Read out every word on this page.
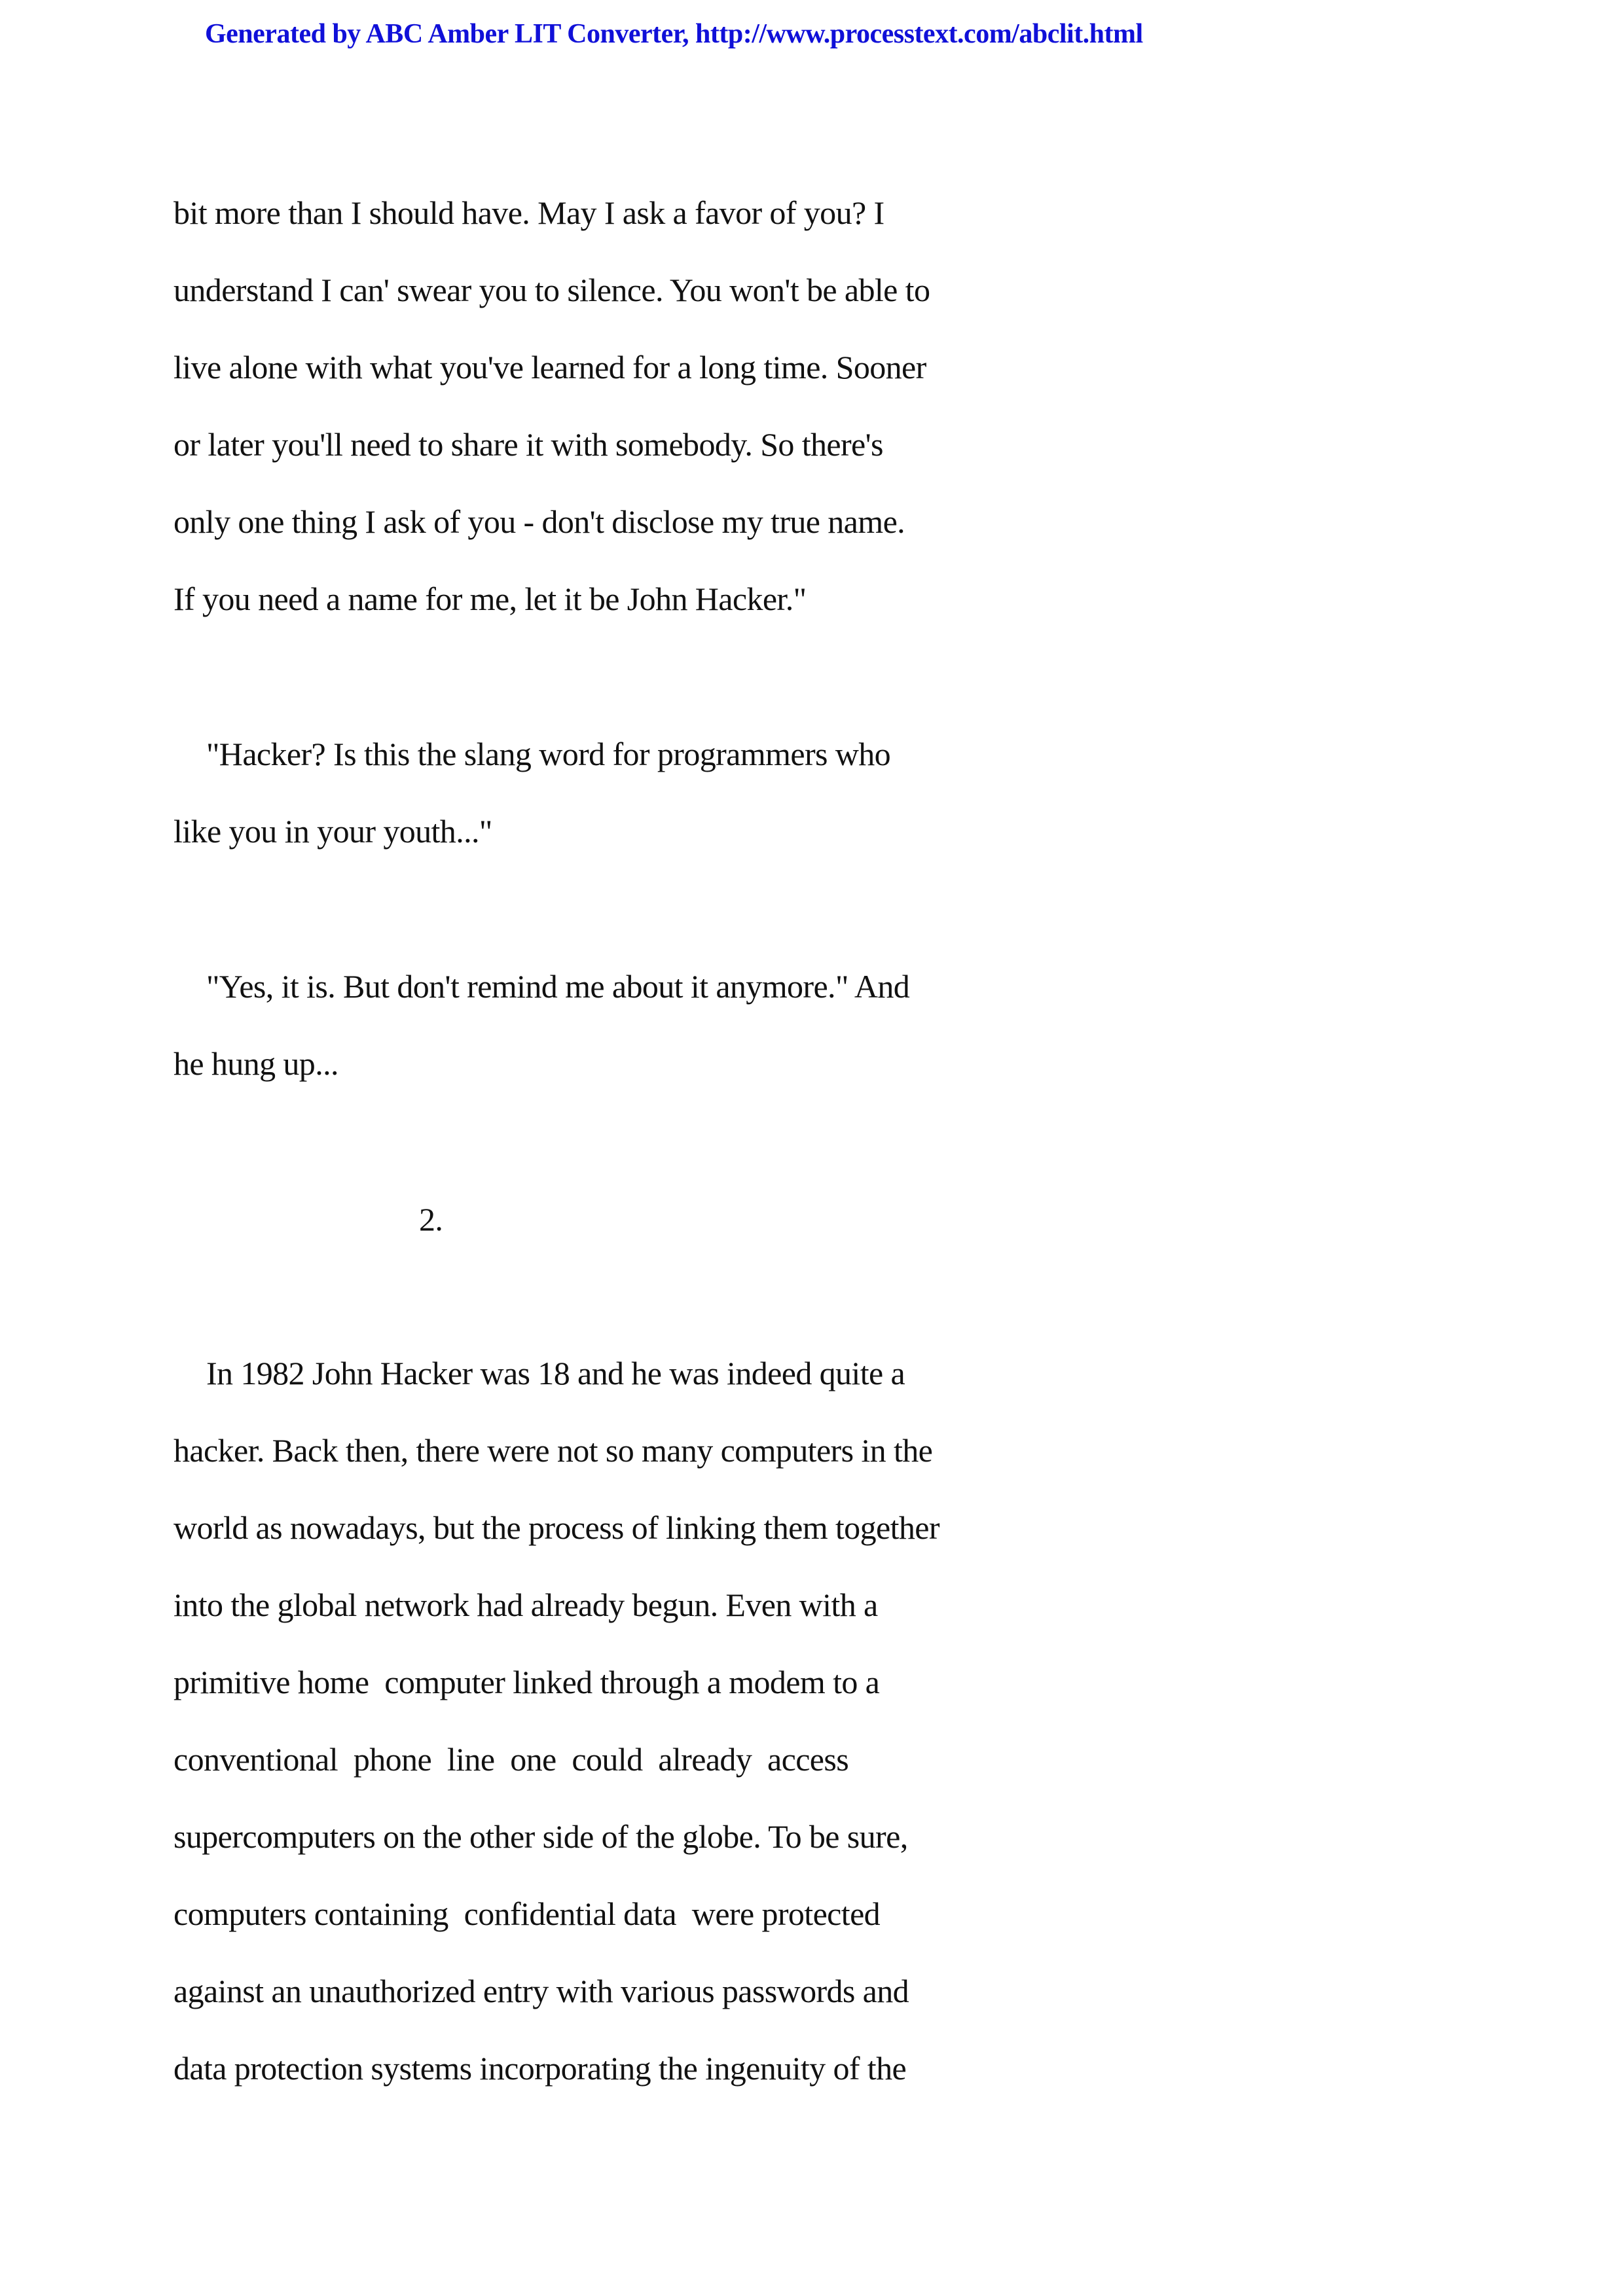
Generated by ABC Amber LIT Converter, http://www.processtext.com/abclit.html
bit more than I should have. May I ask a favor of you? I
understand I can' swear you to silence. You won't be able to
live alone with what you've learned for a long time. Sooner
or later you'll need to share it with somebody. So there's
only one thing I ask of you - don't disclose my true name.
If you need a name for me, let it be John Hacker."
"Hacker? Is this the slang word for programmers who
like you in your youth..."
"Yes, it is. But don't remind me about it anymore." And
he hung up...
2.
In 1982 John Hacker was 18 and he was indeed quite a
hacker. Back then, there were not so many computers in the
world as nowadays, but the process of linking them together
into the global network had already begun. Even with a
primitive home  computer linked through a modem to a
conventional  phone  line  one  could  already  access
supercomputers on the other side of the globe. To be sure,
computers containing  confidential data  were protected
against an unauthorized entry with various passwords and
data protection systems incorporating the ingenuity of the
